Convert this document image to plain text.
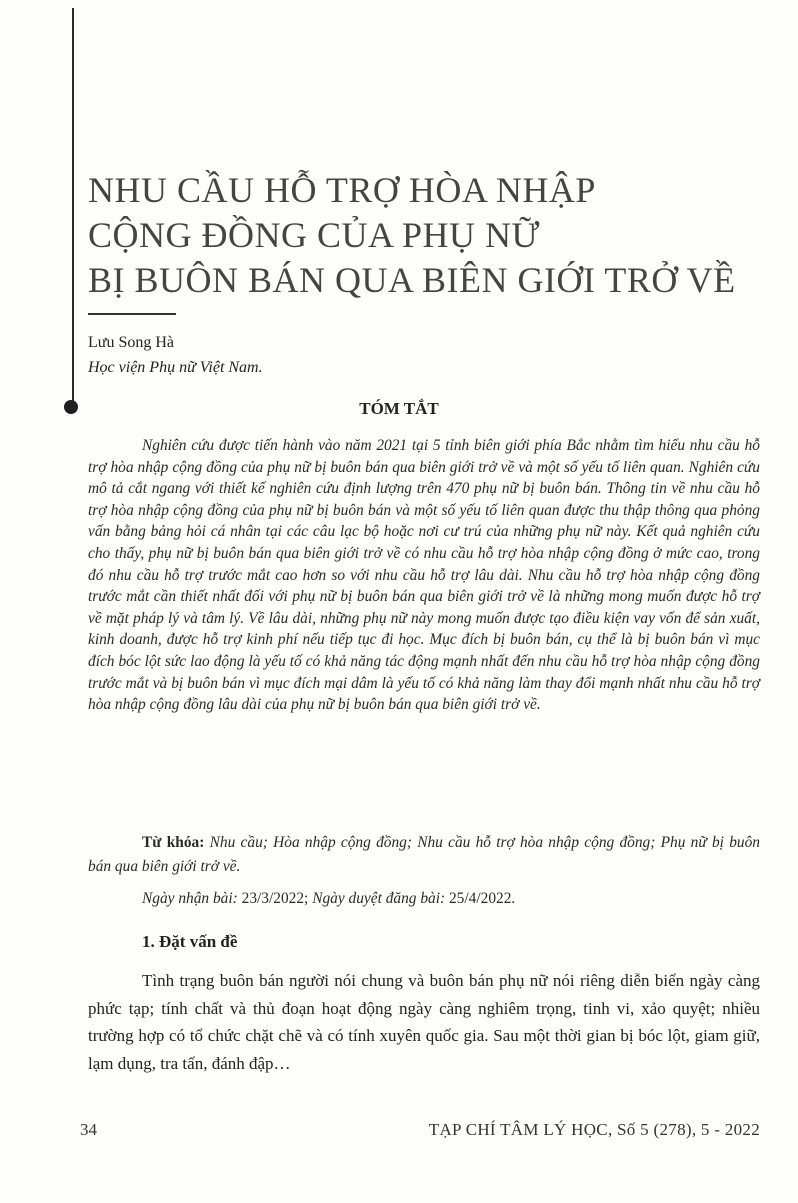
NHU CẦU HỖ TRỢ HÒA NHẬP
CỘNG ĐỒNG CỦA PHỤ NỮ
BỊ BUÔN BÁN QUA BIÊN GIỚI TRỞ VỀ
Lưu Song Hà
Học viện Phụ nữ Việt Nam.
TÓM TẮT

Nghiên cứu được tiến hành vào năm 2021 tại 5 tỉnh biên giới phía Bắc nhằm tìm hiểu nhu cầu hỗ trợ hòa nhập cộng đồng của phụ nữ bị buôn bán qua biên giới trở về và một số yếu tố liên quan. Nghiên cứu mô tả cắt ngang với thiết kế nghiên cứu định lượng trên 470 phụ nữ bị buôn bán. Thông tin về nhu cầu hỗ trợ hòa nhập cộng đồng của phụ nữ bị buôn bán và một số yếu tố liên quan được thu thập thông qua phỏng vấn bằng bảng hỏi cá nhân tại các câu lạc bộ hoặc nơi cư trú của những phụ nữ này. Kết quả nghiên cứu cho thấy, phụ nữ bị buôn bán qua biên giới trở về có nhu cầu hỗ trợ hòa nhập cộng đồng ở mức cao, trong đó nhu cầu hỗ trợ trước mắt cao hơn so với nhu cầu hỗ trợ lâu dài. Nhu cầu hỗ trợ hòa nhập cộng đồng trước mắt cần thiết nhất đối với phụ nữ bị buôn bán qua biên giới trở về là những mong muốn được hỗ trợ về mặt pháp lý và tâm lý. Về lâu dài, những phụ nữ này mong muốn được tạo điều kiện vay vốn để sản xuất, kinh doanh, được hỗ trợ kinh phí nếu tiếp tục đi học. Mục đích bị buôn bán, cụ thể là bị buôn bán vì mục đích bóc lột sức lao động là yếu tố có khả năng tác động mạnh nhất đến nhu cầu hỗ trợ hòa nhập cộng đồng trước mắt và bị buôn bán vì mục đích mại dâm là yếu tố có khả năng làm thay đổi mạnh nhất nhu cầu hỗ trợ hòa nhập cộng đồng lâu dài của phụ nữ bị buôn bán qua biên giới trở về.

Từ khóa: Nhu cầu; Hòa nhập cộng đồng; Nhu cầu hỗ trợ hòa nhập cộng đồng; Phụ nữ bị buôn bán qua biên giới trở về.

Ngày nhận bài: 23/3/2022; Ngày duyệt đăng bài: 25/4/2022.
1. Đặt vấn đề

Tình trạng buôn bán người nói chung và buôn bán phụ nữ nói riêng diễn biến ngày càng phức tạp; tính chất và thủ đoạn hoạt động ngày càng nghiêm trọng, tinh vi, xảo quyệt; nhiều trường hợp có tổ chức chặt chẽ và có tính xuyên quốc gia. Sau một thời gian bị bóc lột, giam giữ, lạm dụng, tra tấn, đánh đập…

34	TẠP CHÍ TÂM LÝ HỌC, Số 5 (278), 5 - 2022
